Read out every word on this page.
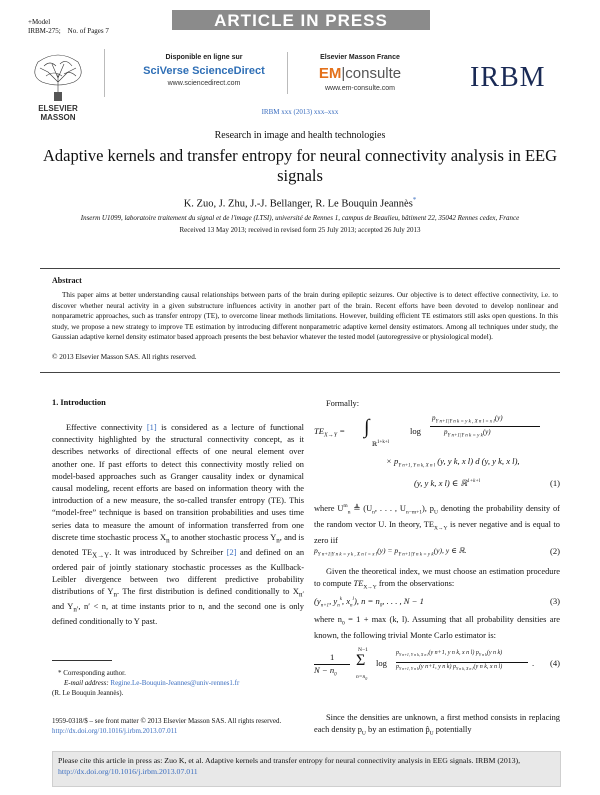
+Model
IRBM-275; No. of Pages 7
ARTICLE IN PRESS
ELSEVIER
MASSON
Disponible en ligne sur
SciVerse ScienceDirect
www.sciencedirect.com
Elsevier Masson France
EM|consulte
www.em-consulte.com	IRBM
IRBM xxx (2013) xxx–xxx
Research in image and health technologies
Adaptive kernels and transfer entropy for neural connectivity analysis in EEG signals
K. Zuo, J. Zhu, J.-J. Bellanger, R. Le Bouquin Jeannès*
Inserm U1099, laboratoire traitement du signal et de l'image (LTSI), université de Rennes 1, campus de Beaulieu, bâtiment 22, 35042 Rennes cedex, France
Received 13 May 2013; received in revised form 25 July 2013; accepted 26 July 2013
Abstract
This paper aims at better understanding causal relationships between parts of the brain during epileptic seizures. Our objective is to detect effective connectivity, i.e. to discover whether neural activity in a given substructure influences activity in another part of the brain. Recent efforts have been devoted to develop nonlinear and nonparametric approaches, such as transfer entropy (TE), to overcome linear methods limitations. However, building efficient TE estimators still asks open questions. In this study, we propose a new strategy to improve TE estimation by introducing different nonparametric adaptive kernel density estimators. Among all techniques under study, the Gaussian adaptive kernel density estimator based approach presents the best behavior whatever the tested model (autoregressive or physiological model).
© 2013 Elsevier Masson SAS. All rights reserved.
1. Introduction
Effective connectivity [1] is considered as a lecture of functional connectivity highlighted by the structural connectivity concept, as it describes networks of directional effects of one neural element over another one. If past efforts to detect this connectivity mostly relied on model-based approaches such as Granger causality index or dynamical causal modeling, recent efforts are based on information theory with the introduction of a new measure, the so-called transfer entropy (TE). This “model-free” technique is based on transition probabilities and uses time series data to measure the amount of information transferred from one discrete time stochastic process $X_n$ to another stochastic process $Y_n$, and is denoted $TE_{X\to Y}$. It was introduced by Schreiber [2] and defined on an ordered pair of jointly stationary stochastic processes as the Kullback-Leibler divergence between two different predictive probability distributions of $Y_n$. The first distribution is defined conditionally to $X_{n'}$ and $Y_{n'}$, n′ < n, at time instants prior to n, and the second one is only defined conditionally to Y past.
* Corresponding author.
E-mail address: Regine.Le-Bouquin-Jeannes@univ-rennes1.fr
(R. Le Bouquin Jeannès).
1959-0318/$ – see front matter © 2013 Elsevier Masson SAS. All rights reserved.
http://dx.doi.org/10.1016/j.irbm.2013.07.011
Formally:
$TE_{X\to Y}$ = ∫
ℝ$^{1+k+l}$
log
$p_{Y n+1|Y n k = y k , X n l = x l}(y)$
$p_{Y n+1|Y n k = y k}(y)$
× $p_{Y n+1, Y n k, X n l}$ (y, y k, x l) d (y, y k, x l),
(y, y k, x l) ∈ ℝ$^{1+k+l}$	(1)
where $U^m_n$ ≜ ($U_n$, . . . , $U_{n-m+1}$), $p_U$ denoting the probability density of the random vector U. In theory, $TE_{X\to Y}$ is never negative and is equal to zero iif
$p_{Y n+1|Y n k = y k , X n l = x l}(y) = p_{Y n+1|Y n k = y k}(y)$, y ∈ ℝ.	(2)
Given the theoretical index, we must choose an estimation procedure to compute $TE_{X\to Y}$ from the observations:
($y_{n+1}$, $y_n^k$, $x_n^l$), $n = n_0$, . . . , N − 1	(3)
where $n_0 = 1 + \max (k$, l). Assuming that all probability densities are known, the following trivial Monte Carlo estimator is:
1
$N - n_0$
N−1
Σ
$n=n_0$
log
$p_{Y n+1, Y n k, X n l}(y$ n+1, y n k, x n l) $p_{Y n k}(y$ n k)
$p_{Y n+1, Y n k}(y$ n+1, y n k) $p_{Y n k, X n l}(y$ n k, x n l)	. (4)
Since the densities are unknown, a first method consists in replacing each density $p_U$ by an estimation $p̂_U$ potentially
Please cite this article in press as: Zuo K, et al. Adaptive kernels and transfer entropy for neural connectivity analysis in EEG signals. IRBM (2013), http://dx.doi.org/10.1016/j.irbm.2013.07.011
